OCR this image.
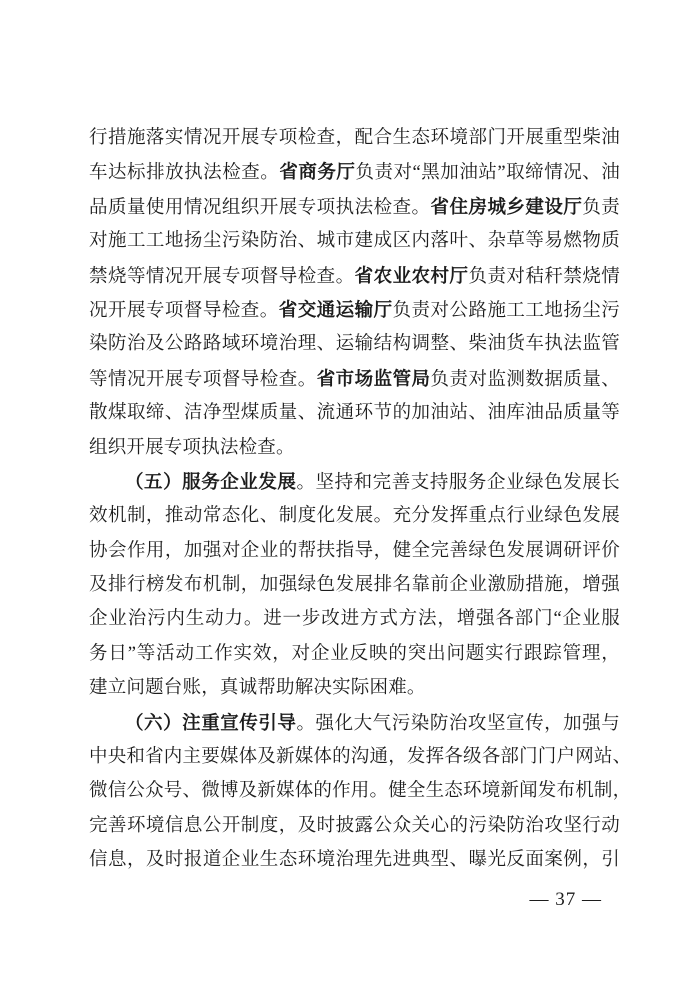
行措施落实情况开展专项检查，配合生态环境部门开展重型柴油
车达标排放执法检查。省商务厅负责对“黑加油站”取缔情况、油
品质量使用情况组织开展专项执法检查。省住房城乡建设厅负责
对施工工地扬尘污染防治、城市建成区内落叶、杂草等易燃物质
禁烧等情况开展专项督导检查。省农业农村厅负责对秸秆禁烧情
况开展专项督导检查。省交通运输厅负责对公路施工工地扬尘污
染防治及公路路域环境治理、运输结构调整、柴油货车执法监管
等情况开展专项督导检查。省市场监管局负责对监测数据质量、
散煤取缔、洁净型煤质量、流通环节的加油站、油库油品质量等
组织开展专项执法检查。
（五）服务企业发展。坚持和完善支持服务企业绿色发展长
效机制，推动常态化、制度化发展。充分发挥重点行业绿色发展
协会作用，加强对企业的帮扶指导，健全完善绿色发展调研评价
及排行榜发布机制，加强绿色发展排名靠前企业激励措施，增强
企业治污内生动力。进一步改进方式方法，增强各部门“企业服
务日”等活动工作实效，对企业反映的突出问题实行跟踪管理，
建立问题台账，真诚帮助解决实际困难。
（六）注重宣传引导。强化大气污染防治攻坚宣传，加强与
中央和省内主要媒体及新媒体的沟通，发挥各级各部门门户网站、
微信公众号、微博及新媒体的作用。健全生态环境新闻发布机制，
完善环境信息公开制度，及时披露公众关心的污染防治攻坚行动
信息，及时报道企业生态环境治理先进典型、曝光反面案例，引
— 37 —
